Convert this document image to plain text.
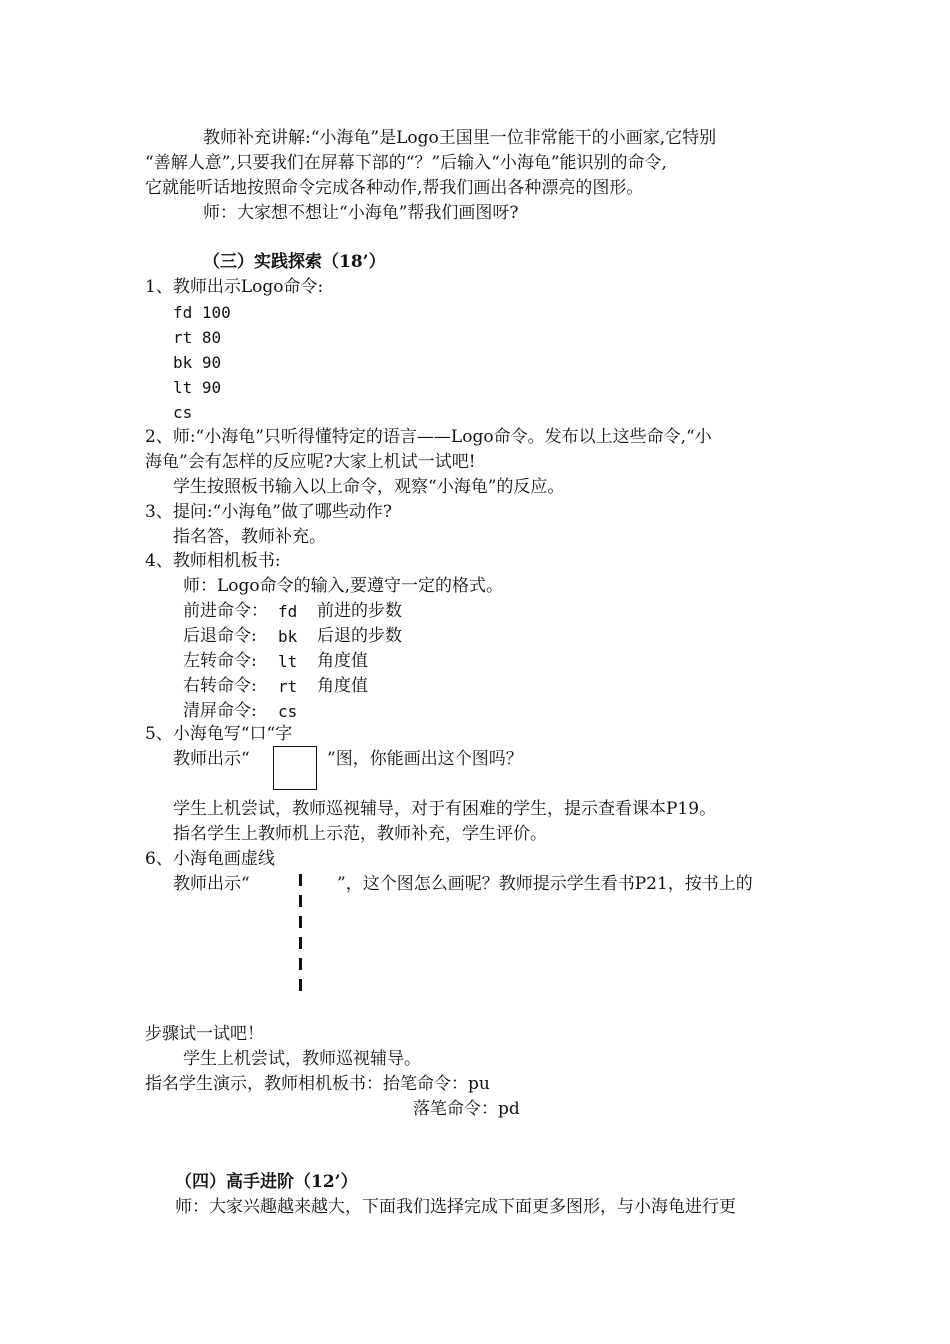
教师补充讲解:“小海龟”是Logo王国里一位非常能干的小画家,它特别
“善解人意”,只要我们在屏幕下部的“？”后输入“小海龟”能识别的命令,
它就能听话地按照命令完成各种动作,帮我们画出各种漂亮的图形。
师：大家想不想让“小海龟”帮我们画图呀?
（三）实践探索（18’）
1、教师出示Logo命令:
fd 100
rt 80
bk 90
lt 90
cs
2、师:“小海龟”只听得懂特定的语言——Logo命令。发布以上这些命令,“小
海龟”会有怎样的反应呢?大家上机试一试吧!
学生按照板书输入以上命令，观察“小海龟”的反应。
3、提问:“小海龟”做了哪些动作?
指名答，教师补充。
4、教师相机板书:
师：Logo命令的输入,要遵守一定的格式。
前进命令： fd 前进的步数
后退命令: bk 后退的步数
左转命令: lt 角度值
右转命令: rt 角度值
清屏命令: cs
5、小海龟写“口“字
教师出示“	”图，你能画出这个图吗？
学生上机尝试，教师巡视辅导，对于有困难的学生，提示查看课本P19。
指名学生上教师机上示范，教师补充，学生评价。
6、小海龟画虚线
教师出示“	”，这个图怎么画呢？教师提示学生看书P21，按书上的
步骤试一试吧！
学生上机尝试，教师巡视辅导。
指名学生演示，教师相机板书：抬笔命令：pu
落笔命令：pd
（四）高手进阶（12’）
师：大家兴趣越来越大，下面我们选择完成下面更多图形，与小海龟进行更
